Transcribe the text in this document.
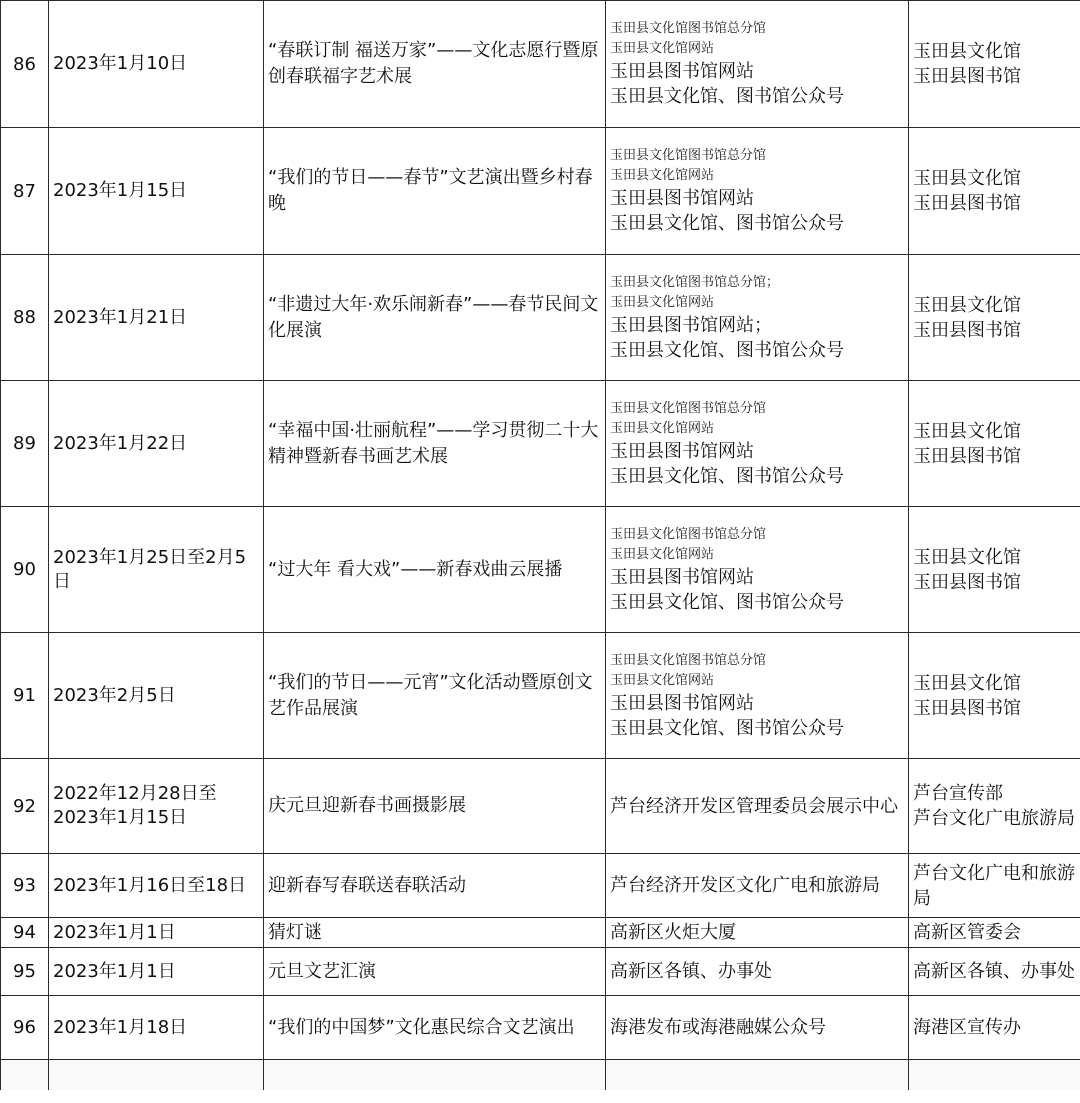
86	2023年1月10日	“春联订制 福送万家”——文化志愿行暨原创春联福字艺术展	玉田县文化馆图书馆总分馆
玉田县文化馆网站
玉田县图书馆网站
玉田县文化馆、图书馆公众号	玉田县文化馆
玉田县图书馆

87	2023年1月15日	“我们的节日——春节”文艺演出暨乡村春晚	玉田县文化馆图书馆总分馆
玉田县文化馆网站
玉田县图书馆网站
玉田县文化馆、图书馆公众号	玉田县文化馆
玉田县图书馆

88	2023年1月21日	“非遗过大年·欢乐闹新春”——春节民间文化展演	玉田县文化馆图书馆总分馆；
玉田县文化馆网站
玉田县图书馆网站；
玉田县文化馆、图书馆公众号	玉田县文化馆
玉田县图书馆

89	2023年1月22日	“幸福中国·壮丽航程”——学习贯彻二十大精神暨新春书画艺术展	玉田县文化馆图书馆总分馆
玉田县文化馆网站
玉田县图书馆网站
玉田县文化馆、图书馆公众号	玉田县文化馆
玉田县图书馆

90	2023年1月25日至2月5日	“过大年 看大戏”——新春戏曲云展播	玉田县文化馆图书馆总分馆
玉田县文化馆网站
玉田县图书馆网站
玉田县文化馆、图书馆公众号	玉田县文化馆
玉田县图书馆

91	2023年2月5日	“我们的节日——元宵”文化活动暨原创文艺作品展演	玉田县文化馆图书馆总分馆
玉田县文化馆网站
玉田县图书馆网站
玉田县文化馆、图书馆公众号	玉田县文化馆
玉田县图书馆

92	2022年12月28日至2023年1月15日	庆元旦迎新春书画摄影展	芦台经济开发区管理委员会展示中心	芦台宣传部
芦台文化广电旅游局

93	2023年1月16日至18日	迎新春写春联送春联活动	芦台经济开发区文化广电和旅游局	芦台文化广电和旅游局

94	2023年1月1日	猜灯谜	高新区火炬大厦	高新区管委会

95	2023年1月1日	元旦文艺汇演	高新区各镇、办事处	高新区各镇、办事处

96	2023年1月18日	“我们的中国梦”文化惠民综合文艺演出	海港发布或海港融媒公众号	海港区宣传办
